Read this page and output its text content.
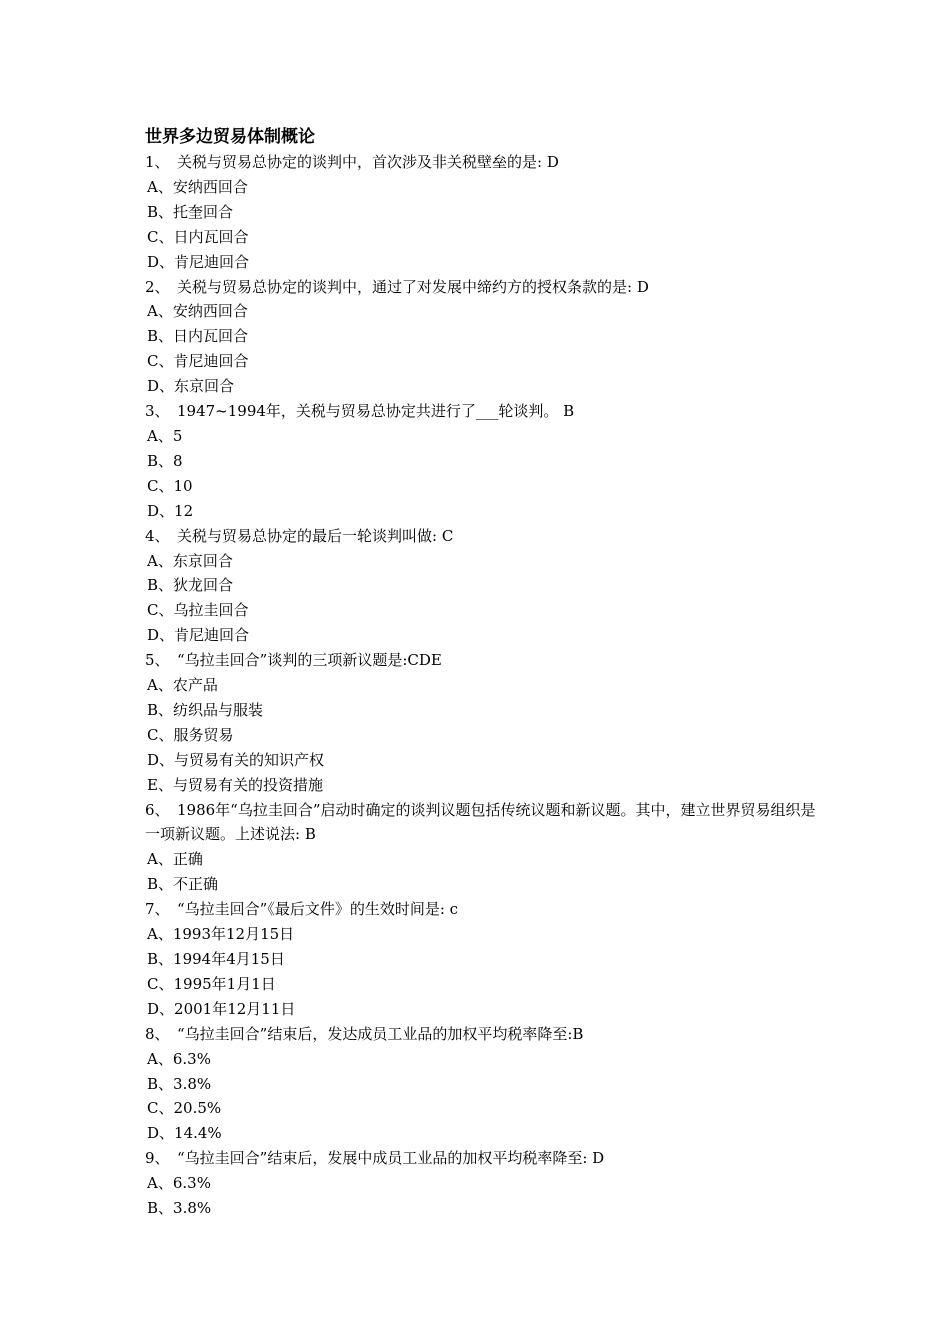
世界多边贸易体制概论
1、 关税与贸易总协定的谈判中，首次涉及非关税壁垒的是: D
A、安纳西回合
B、托奎回合
C、日内瓦回合
D、肯尼迪回合
2、 关税与贸易总协定的谈判中，通过了对发展中缔约方的授权条款的是: D
A、安纳西回合
B、日内瓦回合
C、肯尼迪回合
D、东京回合
3、 1947~1994年，关税与贸易总协定共进行了___轮谈判。 B
A、5
B、8
C、10
D、12
4、 关税与贸易总协定的最后一轮谈判叫做: C
A、东京回合
B、狄龙回合
C、乌拉圭回合
D、肯尼迪回合
5、 “乌拉圭回合”谈判的三项新议题是:CDE
A、农产品
B、纺织品与服装
C、服务贸易
D、与贸易有关的知识产权
E、与贸易有关的投资措施
6、 1986年“乌拉圭回合”启动时确定的谈判议题包括传统议题和新议题。其中，建立世界贸易组织是一项新议题。上述说法: B
A、正确
B、不正确
7、 “乌拉圭回合”《最后文件》的生效时间是: c
A、1993年12月15日
B、1994年4月15日
C、1995年1月1日
D、2001年12月11日
8、 “乌拉圭回合”结束后，发达成员工业品的加权平均税率降至:B
A、6.3%
B、3.8%
C、20.5%
D、14.4%
9、 “乌拉圭回合”结束后，发展中成员工业品的加权平均税率降至: D
A、6.3%
B、3.8%
